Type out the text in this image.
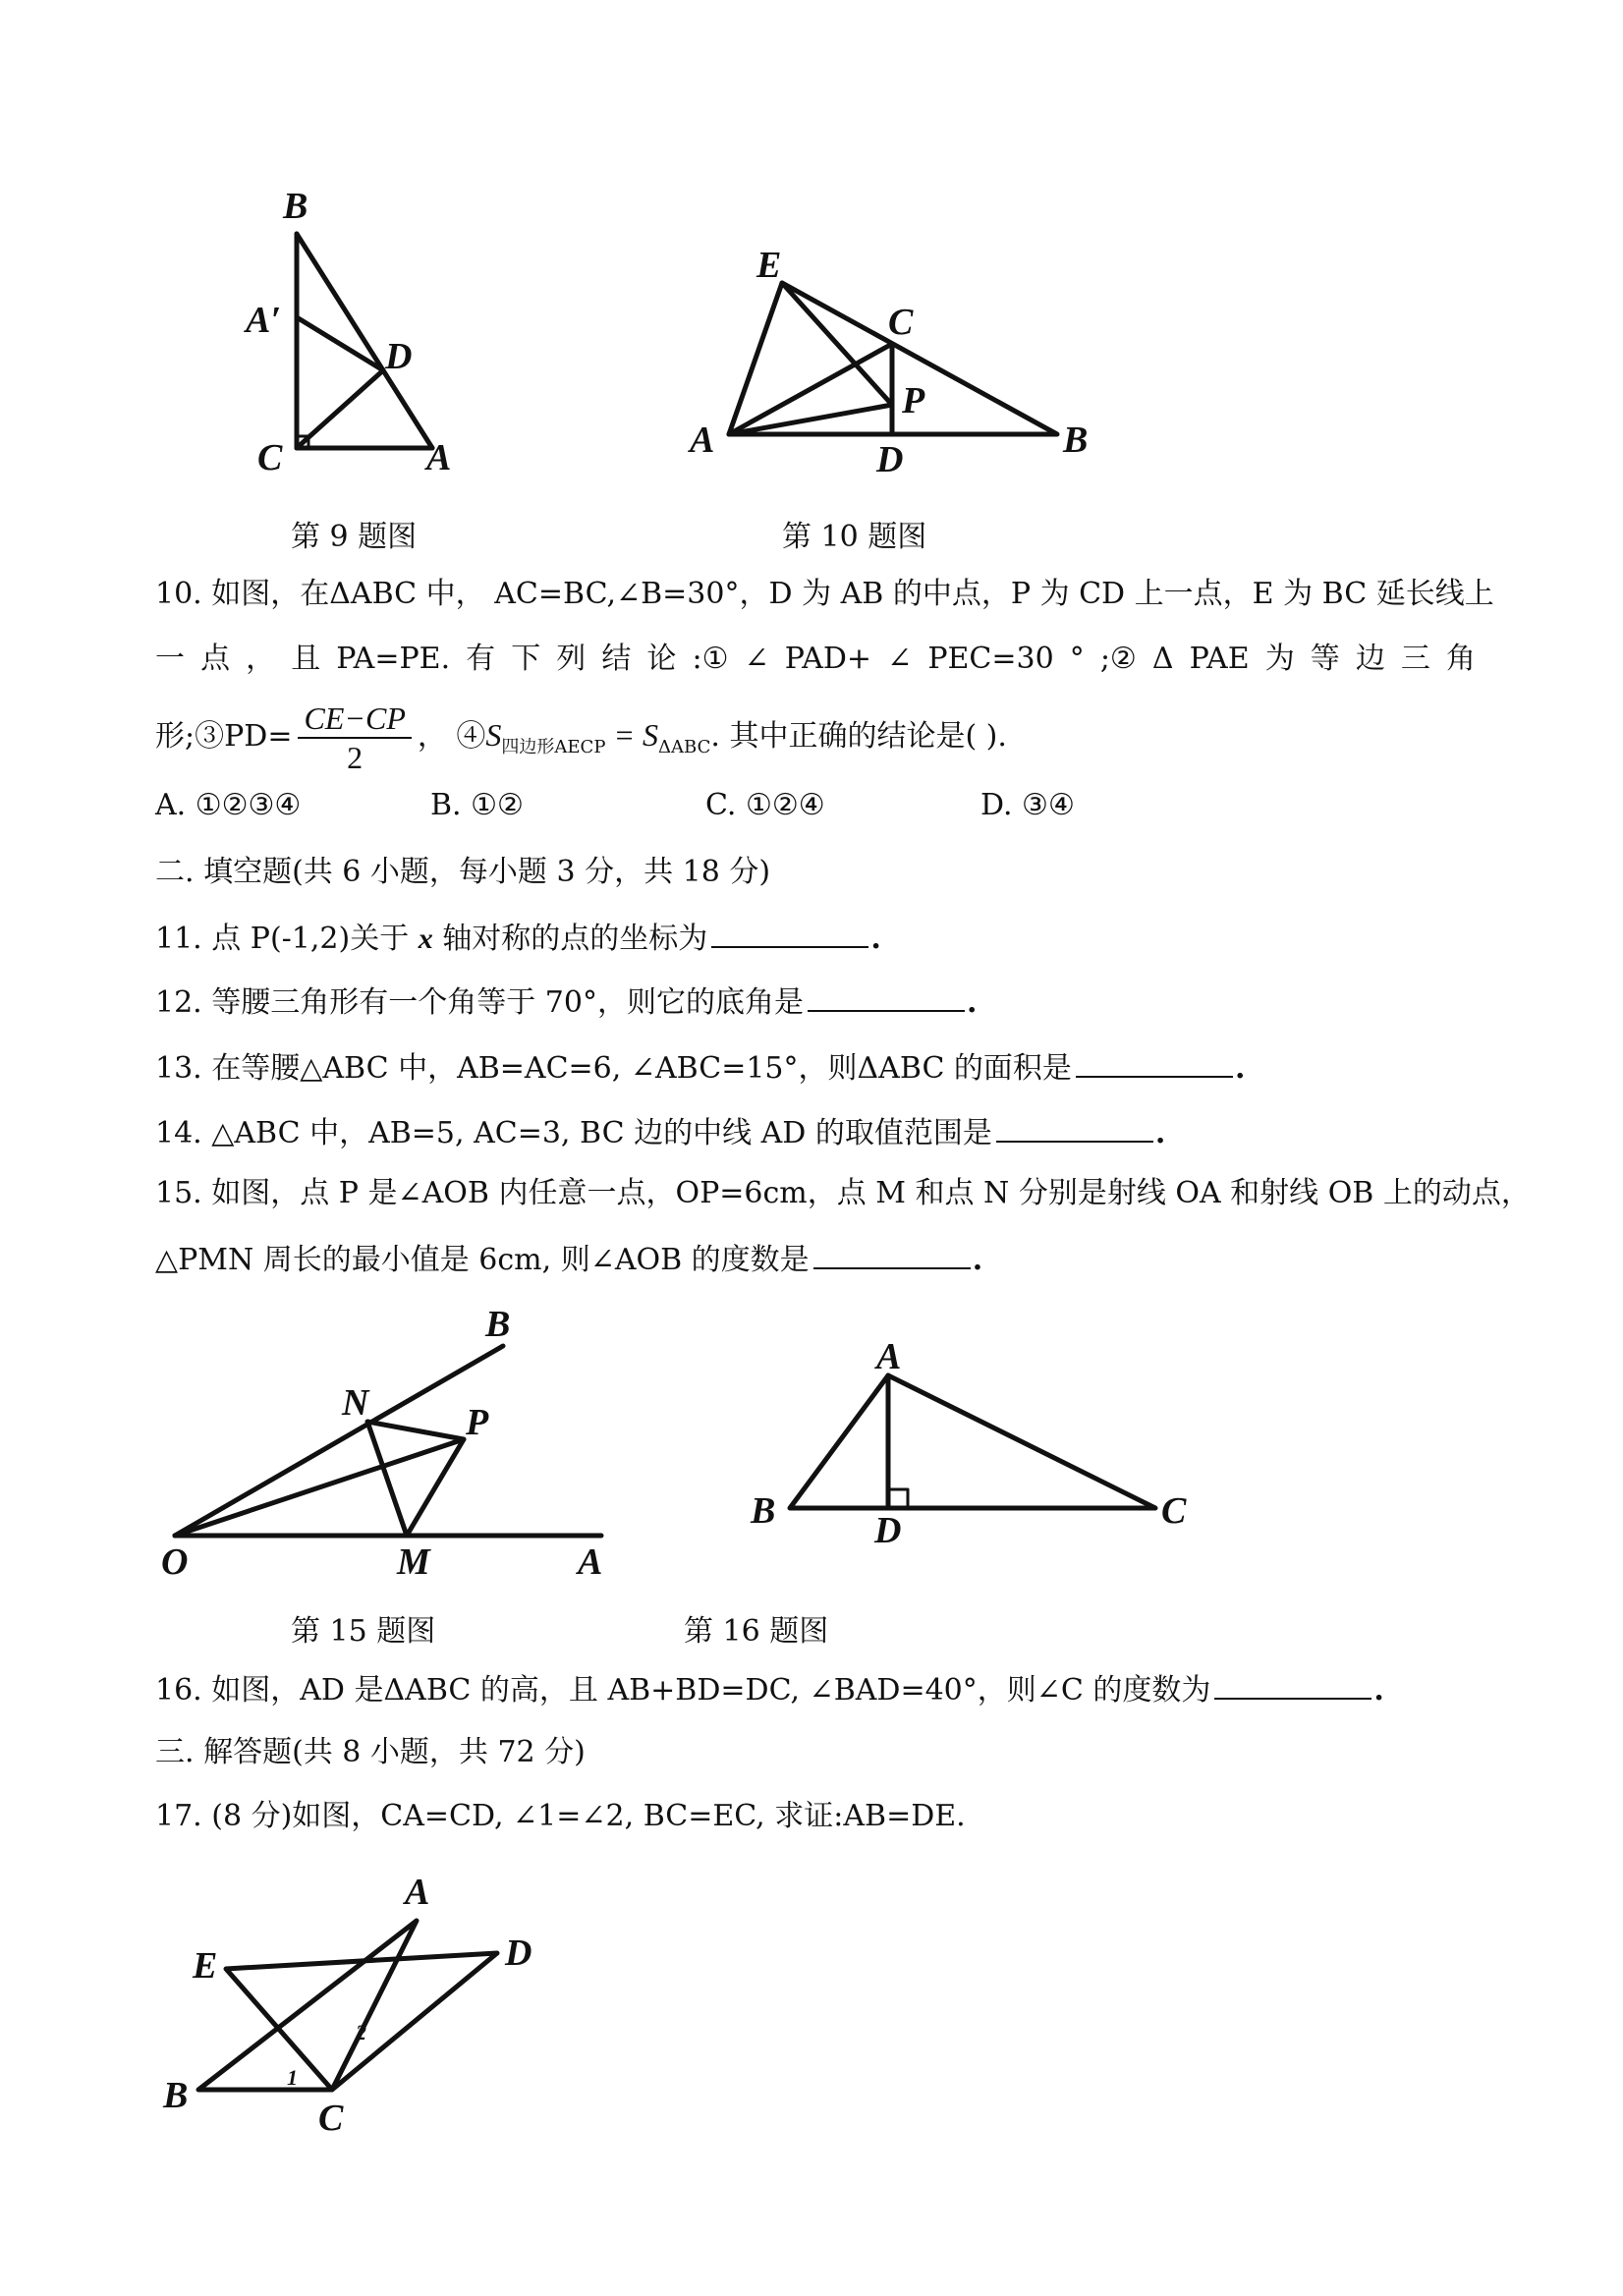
B
A′
D
C	A
第 9 题图
E
C
P
A	D	B
第 10 题图
10. 如图，在ΔABC 中， AC=BC,∠B=30°，D 为 AB 的中点，P 为 CD 上一点，E 为 BC 延长线上
一 点 ， 且 PA=PE. 有 下 列 结 论 :① ∠ PAD+ ∠ PEC=30 ° ;② Δ PAE 为 等 边 三 角
形;③PD= $\frac{CE-CP}{2}$ ， $④S_{四边形AECP} = S_{\Delta ABC}$. 其中正确的结论是( ).
A. ①②③④	B. ①②	C. ①②④	D. ③④
二. 填空题(共 6 小题，每小题 3 分，共 18 分)
11. 点 P(-1,2)关于 x 轴对称的点的坐标为	.
12. 等腰三角形有一个角等于 70°，则它的底角是	.
13. 在等腰△ABC 中，AB=AC=6, ∠ABC=15°，则ΔABC 的面积是	.
14. △ABC 中，AB=5, AC=3, BC 边的中线 AD 的取值范围是	.
15. 如图，点 P 是∠AOB 内任意一点，OP=6cm，点 M 和点 N 分别是射线 OA 和射线 OB 上的动点，
△PMN 周长的最小值是 6cm, 则∠AOB 的度数是	.
B
N	P
O	M	A
第 15 题图
A
B	D	C
第 16 题图
16. 如图，AD 是ΔABC 的高，且 AB+BD=DC, ∠BAD=40°，则∠C 的度数为	.
三. 解答题(共 8 小题，共 72 分)
17. (8 分)如图，CA=CD, ∠1=∠2, BC=EC, 求证:AB=DE.
A
D
E
B
C
1
2
